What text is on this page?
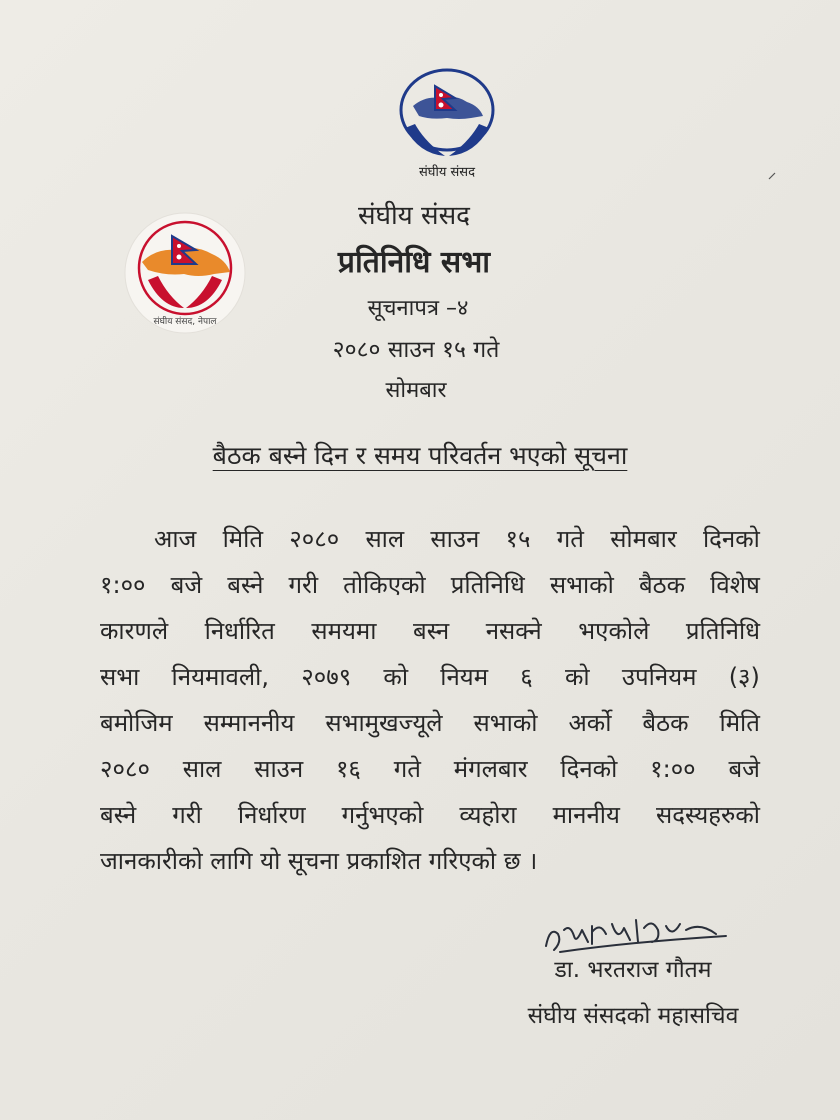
संघीय संसद
संघीय संसद, नेपाल
संघीय संसद
प्रतिनिधि सभा
सूचनापत्र –४
२०८० साउन १५ गते
सोमबार
बैठक बस्ने दिन र समय परिवर्तन भएको सूचना
आज मिति २०८० साल साउन १५ गते सोमबार दिनको
१:०० बजे बस्ने गरी तोकिएको प्रतिनिधि सभाको बैठक विशेष
कारणले निर्धारित समयमा बस्न नसक्ने भएकोले प्रतिनिधि
सभा नियमावली, २०७९ को नियम ६ को उपनियम (३)
बमोजिम सम्माननीय सभामुखज्यूले सभाको अर्को बैठक मिति
२०८० साल साउन १६ गते मंगलबार दिनको १:०० बजे
बस्ने गरी निर्धारण गर्नुभएको व्यहोरा माननीय सदस्यहरुको
जानकारीको लागि यो सूचना प्रकाशित गरिएको छ ।
डा. भरतराज गौतम
संघीय संसदको महासचिव
